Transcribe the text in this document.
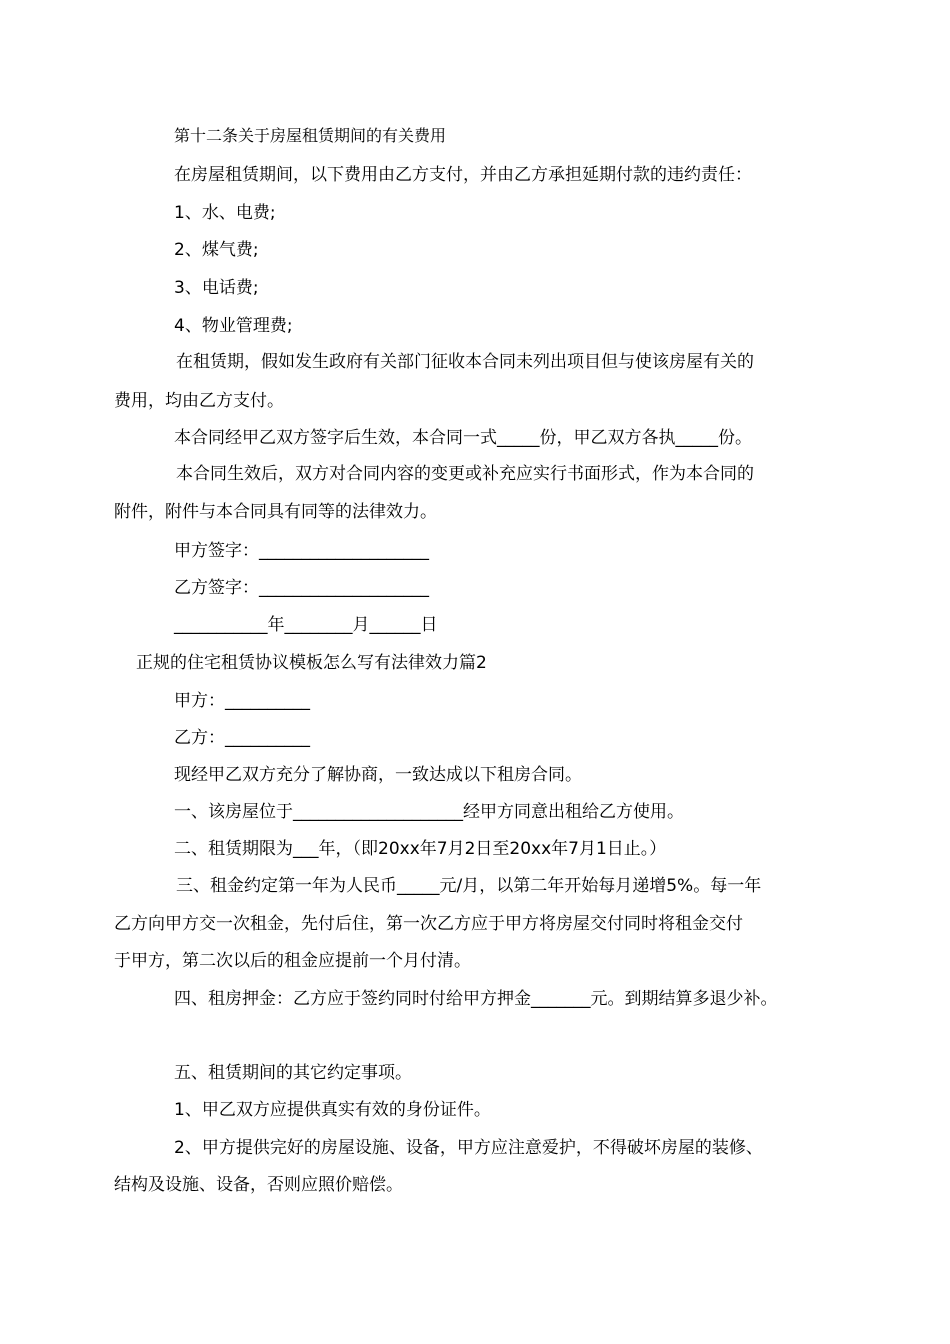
第十二条关于房屋租赁期间的有关费用
在房屋租赁期间，以下费用由乙方支付，并由乙方承担延期付款的违约责任：
1、水、电费;
2、煤气费;
3、电话费;
4、物业管理费;
在租赁期，假如发生政府有关部门征收本合同未列出项目但与使该房屋有关的
费用，均由乙方支付。
本合同经甲乙双方签字后生效，本合同一式_____份，甲乙双方各执_____份。
本合同生效后，双方对合同内容的变更或补充应实行书面形式，作为本合同的
附件，附件与本合同具有同等的法律效力。
甲方签字：____________________
乙方签字：____________________
___________年________月______日
正规的住宅租赁协议模板怎么写有法律效力篇2
甲方：__________
乙方：__________
现经甲乙双方充分了解协商，一致达成以下租房合同。
一、该房屋位于____________________经甲方同意出租给乙方使用。
二、租赁期限为___年，（即20xx年7月2日至20xx年7月1日止。）
三、租金约定第一年为人民币_____元/月，以第二年开始每月递增5%。每一年
乙方向甲方交一次租金，先付后住，第一次乙方应于甲方将房屋交付同时将租金交付
于甲方，第二次以后的租金应提前一个月付清。
四、租房押金：乙方应于签约同时付给甲方押金_______元。到期结算多退少补。
五、租赁期间的其它约定事项。
1、甲乙双方应提供真实有效的身份证件。
2、甲方提供完好的房屋设施、设备，甲方应注意爱护，不得破坏房屋的装修、
结构及设施、设备，否则应照价赔偿。
